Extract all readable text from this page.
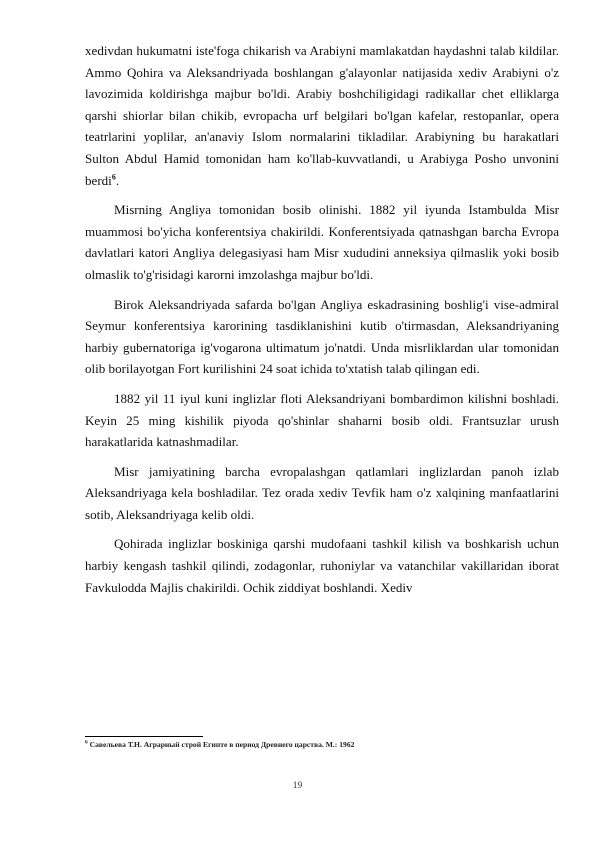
xedivdan hukumatni iste'foga chikarish va Arabiyni mamlakatdan haydashni talab kildilar. Ammo Qohira va Aleksandriyada boshlangan g'alayonlar natijasida xediv Arabiyni o'z lavozimida koldirishga majbur bo'ldi. Arabiy boshchiligidagi radikallar chet elliklarga qarshi shiorlar bilan chikib, evropacha urf belgilari bo'lgan kafelar, restopanlar, opera teatrlarini yoplilar, an'anaviy Islom normalarini tikladilar. Arabiyning bu harakatlari Sulton Abdul Hamid tomonidan ham ko'llab-kuvvatlandi, u Arabiyga Posho unvonini berdi$^6$.

Misrning Angliya tomonidan bosib olinishi. 1882 yil iyunda Istambulda Misr muammosi bo'yicha konferentsiya chakirildi. Konferentsiyada qatnashgan barcha Evropa davlatlari katori Angliya delegasiyasi ham Misr xududini anneksiya qilmaslik yoki bosib olmaslik to'g'risidagi karorni imzolashga majbur bo'ldi.

Birok Aleksandriyada safarda bo'lgan Angliya eskadrasining boshlig'i vise-admiral Seymur konferentsiya karorining tasdiklanishini kutib o'tirmasdan, Aleksandriyaning harbiy gubernatoriga ig'vogarona ultimatum jo'natdi. Unda misrliklardan ular tomonidan olib borilayotgan Fort kurilishini 24 soat ichida to'xtatish talab qilingan edi.

1882 yil 11 iyul kuni inglizlar floti Aleksandriyani bombardimon kilishni boshladi. Keyin 25 ming kishilik piyoda qo'shinlar shaharni bosib oldi. Frantsuzlar urush harakatlarida katnashmadilar.

Misr jamiyatining barcha evropalashgan qatlamlari inglizlardan panoh izlab Aleksandriyaga kela boshladilar. Tez orada xediv Tevfik ham o'z xalqining manfaatlarini sotib, Aleksandriyaga kelib oldi.

Qohirada inglizlar boskiniga qarshi mudofaani tashkil kilish va boshkarish uchun harbiy kengash tashkil qilindi, zodagonlar, ruhoniylar va vatanchilar vakillaridan iborat Favkulodda Majlis chakirildi. Ochik ziddiyat boshlandi. Xediv

$^6$ Савельева Т.Н. Аграрный строй Египте в период Древнего царства. М.: 1962
19
